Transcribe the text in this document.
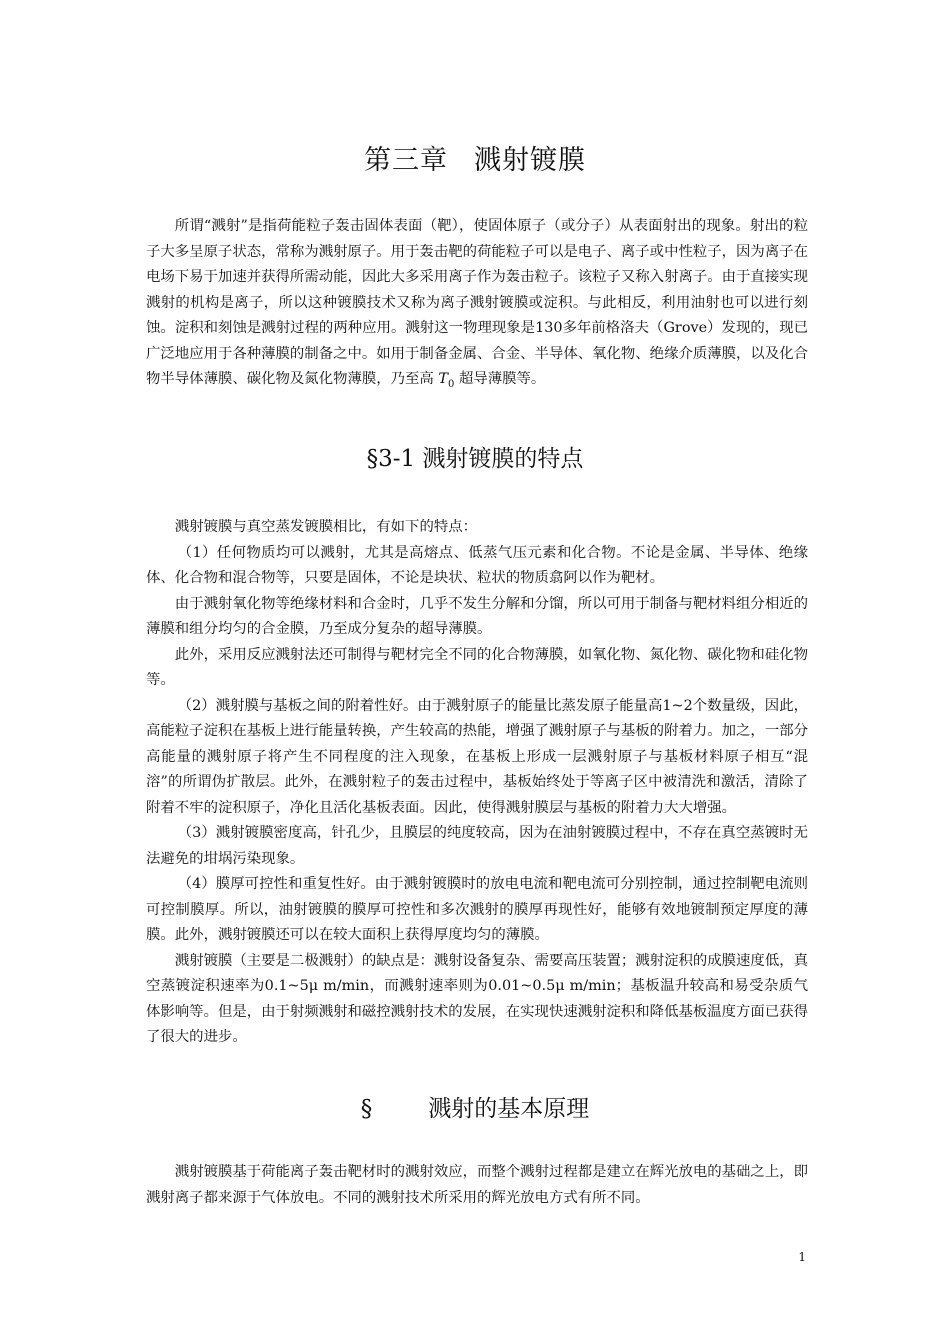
第三章 溅射镀膜

所谓“溅射”是指荷能粒子轰击固体表面（靶），使固体原子（或分子）从表面射出的现象。射出的粒子大多呈原子状态，常称为溅射原子。用于轰击靶的荷能粒子可以是电子、离子或中性粒子，因为离子在电场下易于加速并获得所需动能，因此大多采用离子作为轰击粒子。该粒子又称入射离子。由于直接实现溅射的机构是离子，所以这种镀膜技术又称为离子溅射镀膜或淀积。与此相反，利用油射也可以进行刻蚀。淀积和刻蚀是溅射过程的两种应用。溅射这一物理现象是130多年前格洛夫（Grove）发现的，现已广泛地应用于各种薄膜的制备之中。如用于制备金属、合金、半导体、氧化物、绝缘介质薄膜，以及化合物半导体薄膜、碳化物及氮化物薄膜，乃至高 $T_0$ 超导薄膜等。

§3-1 溅射镀膜的特点

溅射镀膜与真空蒸发镀膜相比，有如下的特点：

（1）任何物质均可以溅射，尤其是高熔点、低蒸气压元素和化合物。不论是金属、半导体、绝缘体、化合物和混合物等，只要是固体，不论是块状、粒状的物质翕阿以作为靶材。

由于溅射氧化物等绝缘材料和合金时，几乎不发生分解和分馏，所以可用于制备与靶材料组分相近的薄膜和组分均匀的合金膜，乃至成分复杂的超导薄膜。

此外，采用反应溅射法还可制得与靶材完全不同的化合物薄膜，如氧化物、氮化物、碳化物和硅化物等。

（2）溅射膜与基板之间的附着性好。由于溅射原子的能量比蒸发原子能量高1~2个数量级，因此，高能粒子淀积在基板上进行能量转换，产生较高的热能，增强了溅射原子与基板的附着力。加之，一部分高能量的溅射原子将产生不同程度的注入现象，在基板上形成一层溅射原子与基板材料原子相互“混溶”的所谓伪扩散层。此外，在溅射粒子的轰击过程中，基板始终处于等离子区中被清洗和激活，清除了附着不牢的淀积原子，净化且活化基板表面。因此，使得溅射膜层与基板的附着力大大增强。

（3）溅射镀膜密度高，针孔少，且膜层的纯度较高，因为在油射镀膜过程中，不存在真空蒸镀时无法避免的坩埚污染现象。

（4）膜厚可控性和重复性好。由于溅射镀膜时的放电电流和靶电流可分别控制，通过控制靶电流则可控制膜厚。所以，油射镀膜的膜厚可控性和多次溅射的膜厚再现性好，能够有效地镀制预定厚度的薄膜。此外，溅射镀膜还可以在较大面积上获得厚度均匀的薄膜。

溅射镀膜（主要是二极溅射）的缺点是：溅射设备复杂、需要高压装置；溅射淀积的成膜速度低，真空蒸镀淀积速率为0.1~5μ m/min，而溅射速率则为0.01~0.5μ m/min；基板温升较高和易受杂质气体影响等。但是，由于射频溅射和磁控溅射技术的发展，在实现快速溅射淀积和降低基板温度方面已获得了很大的进步。

§ 溅射的基本原理

溅射镀膜基于荷能离子轰击靶材时的溅射效应，而整个溅射过程都是建立在辉光放电的基础之上，即溅射离子都来源于气体放电。不同的溅射技术所采用的辉光放电方式有所不同。

1
